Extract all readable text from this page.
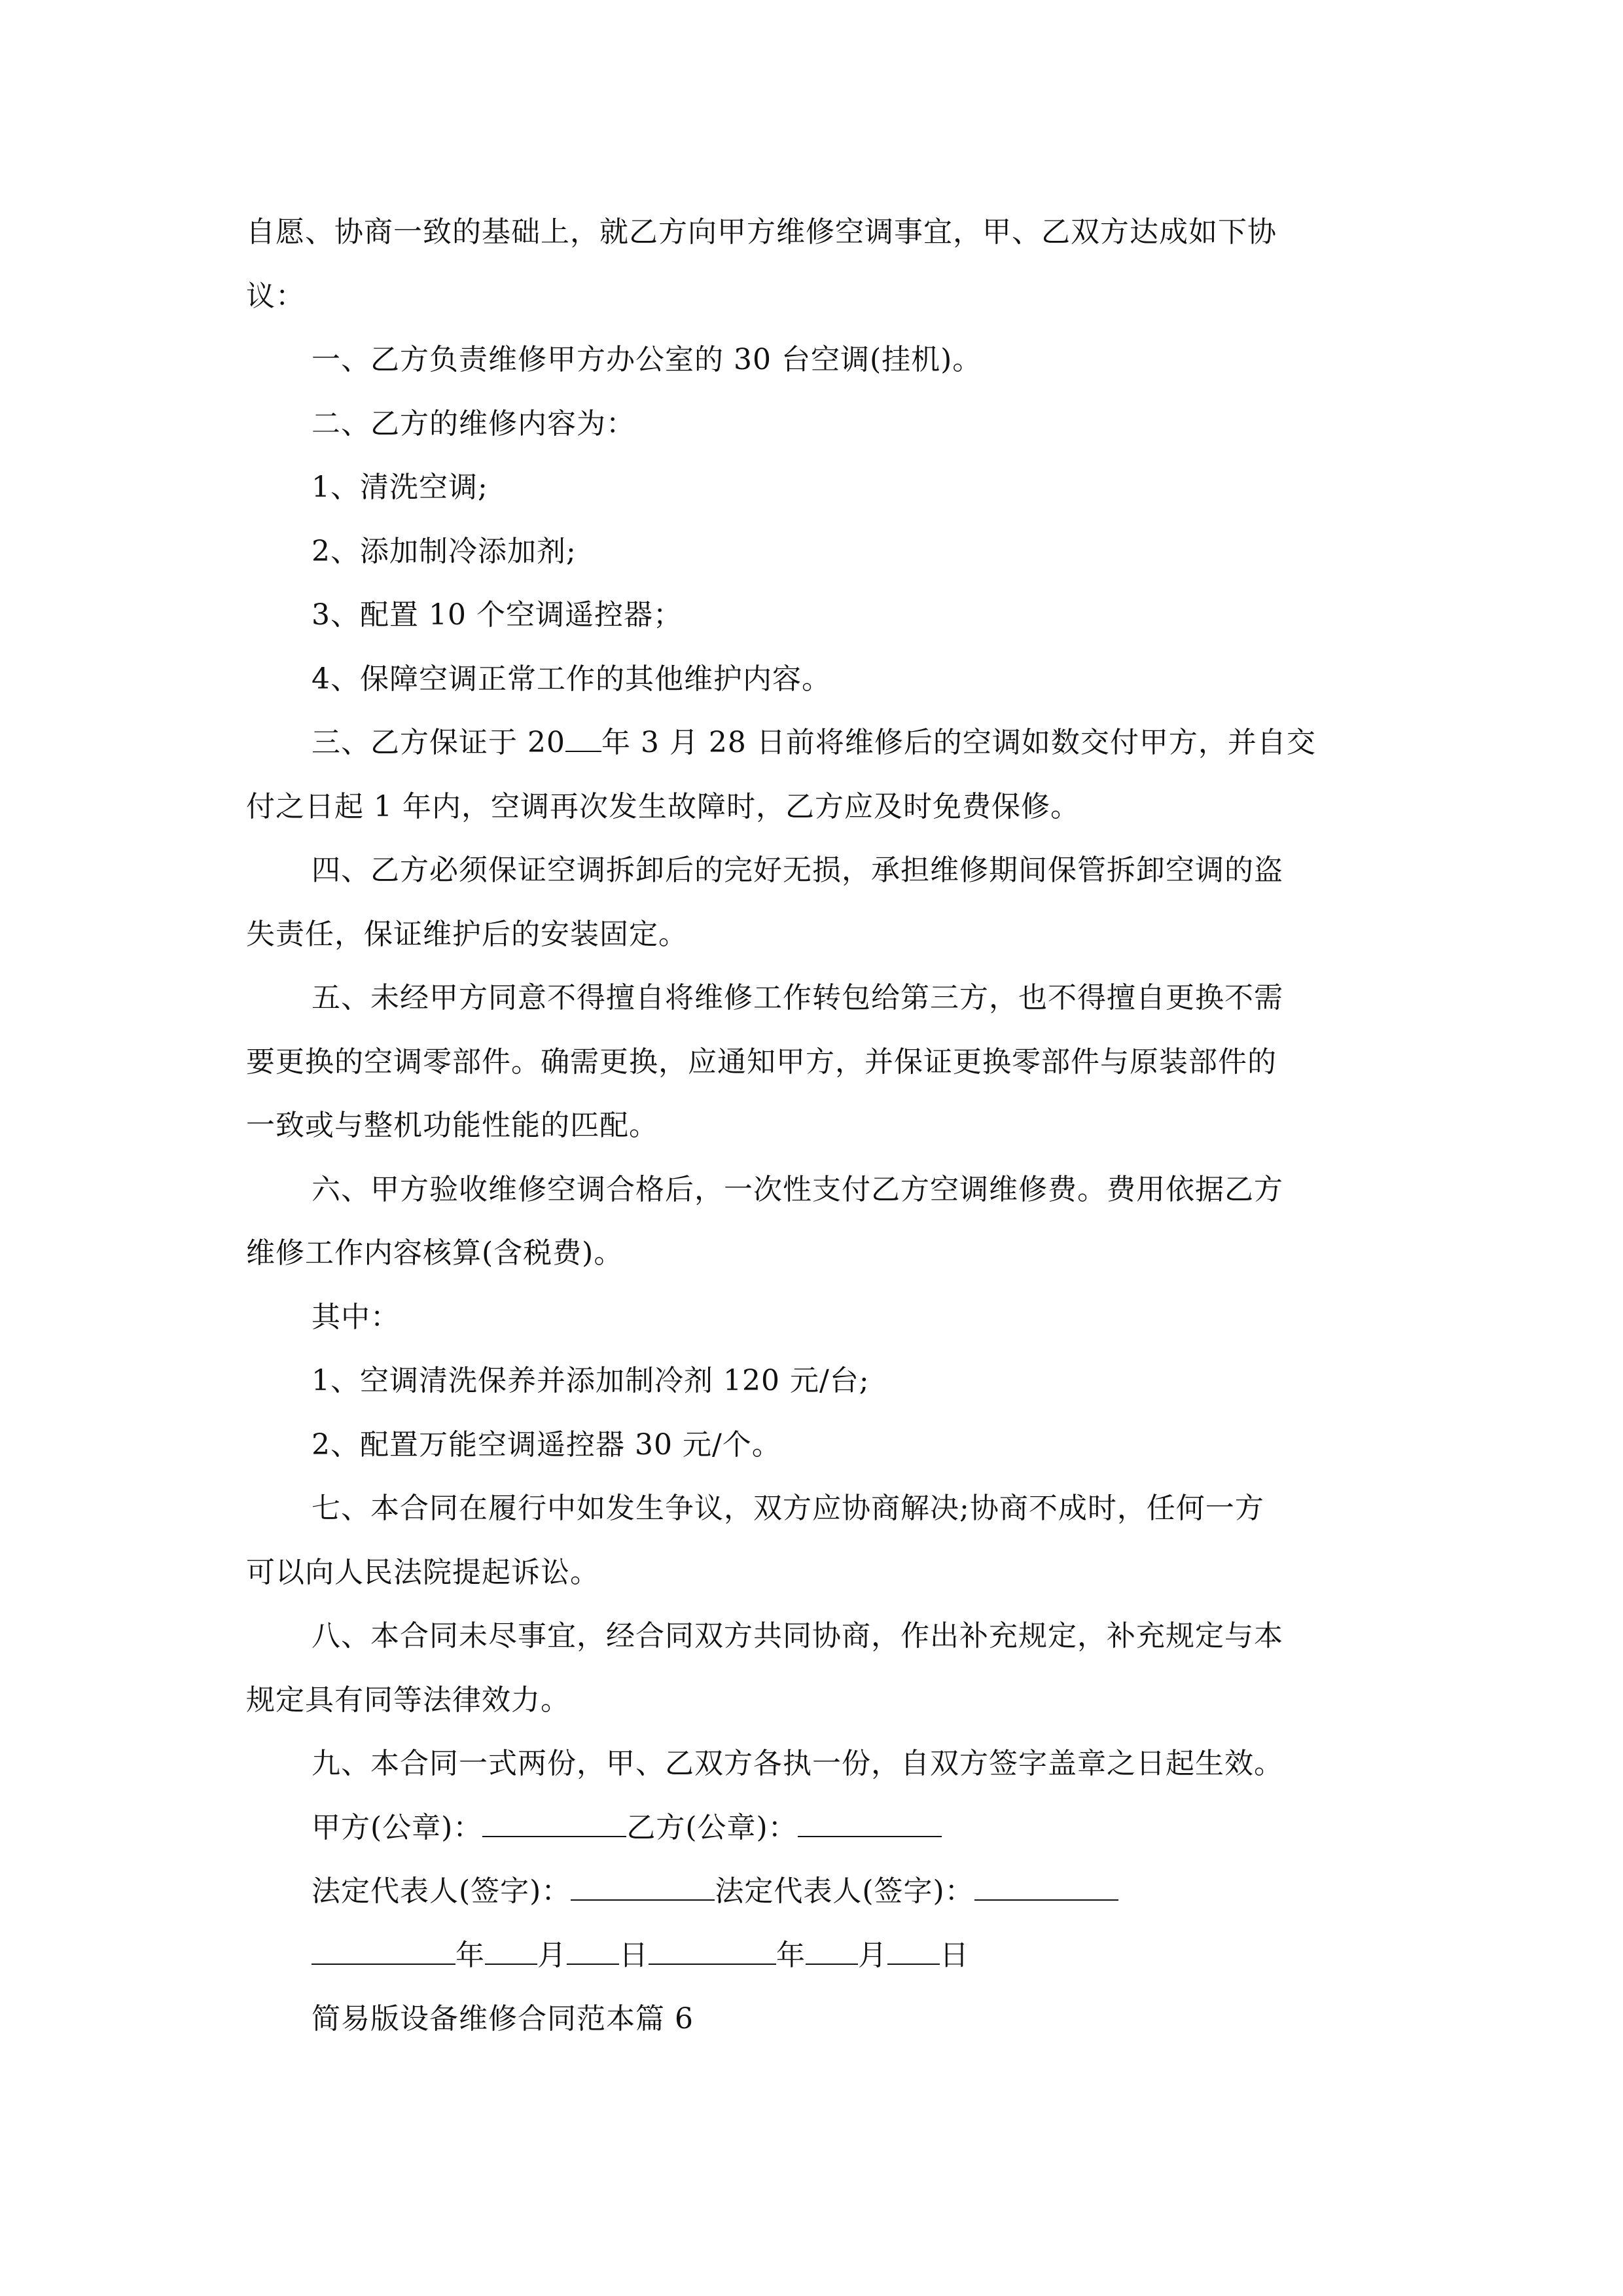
自愿、协商一致的基础上，就乙方向甲方维修空调事宜，甲、乙双方达成如下协
议：
一、乙方负责维修甲方办公室的 30 台空调(挂机)。
二、乙方的维修内容为：
1、清洗空调;
2、添加制冷添加剂;
3、配置 10 个空调遥控器；
4、保障空调正常工作的其他维护内容。
三、乙方保证于 20 年 3 月 28 日前将维修后的空调如数交付甲方，并自交
付之日起 1 年内，空调再次发生故障时，乙方应及时免费保修。
四、乙方必须保证空调拆卸后的完好无损，承担维修期间保管拆卸空调的盗
失责任，保证维护后的安装固定。
五、未经甲方同意不得擅自将维修工作转包给第三方，也不得擅自更换不需
要更换的空调零部件。确需更换，应通知甲方，并保证更换零部件与原装部件的
一致或与整机功能性能的匹配。
六、甲方验收维修空调合格后，一次性支付乙方空调维修费。费用依据乙方
维修工作内容核算(含税费)。
其中：
1、空调清洗保养并添加制冷剂 120 元/台;
2、配置万能空调遥控器 30 元/个。
七、本合同在履行中如发生争议，双方应协商解决;协商不成时，任何一方
可以向人民法院提起诉讼。
八、本合同未尽事宜，经合同双方共同协商，作出补充规定，补充规定与本
规定具有同等法律效力。
九、本合同一式两份，甲、乙双方各执一份，自双方签字盖章之日起生效。
甲方(公章)：	乙方(公章)：
法定代表人(签字)：	法定代表人(签字)：
年 月 日	年 月 日
简易版设备维修合同范本篇 6
